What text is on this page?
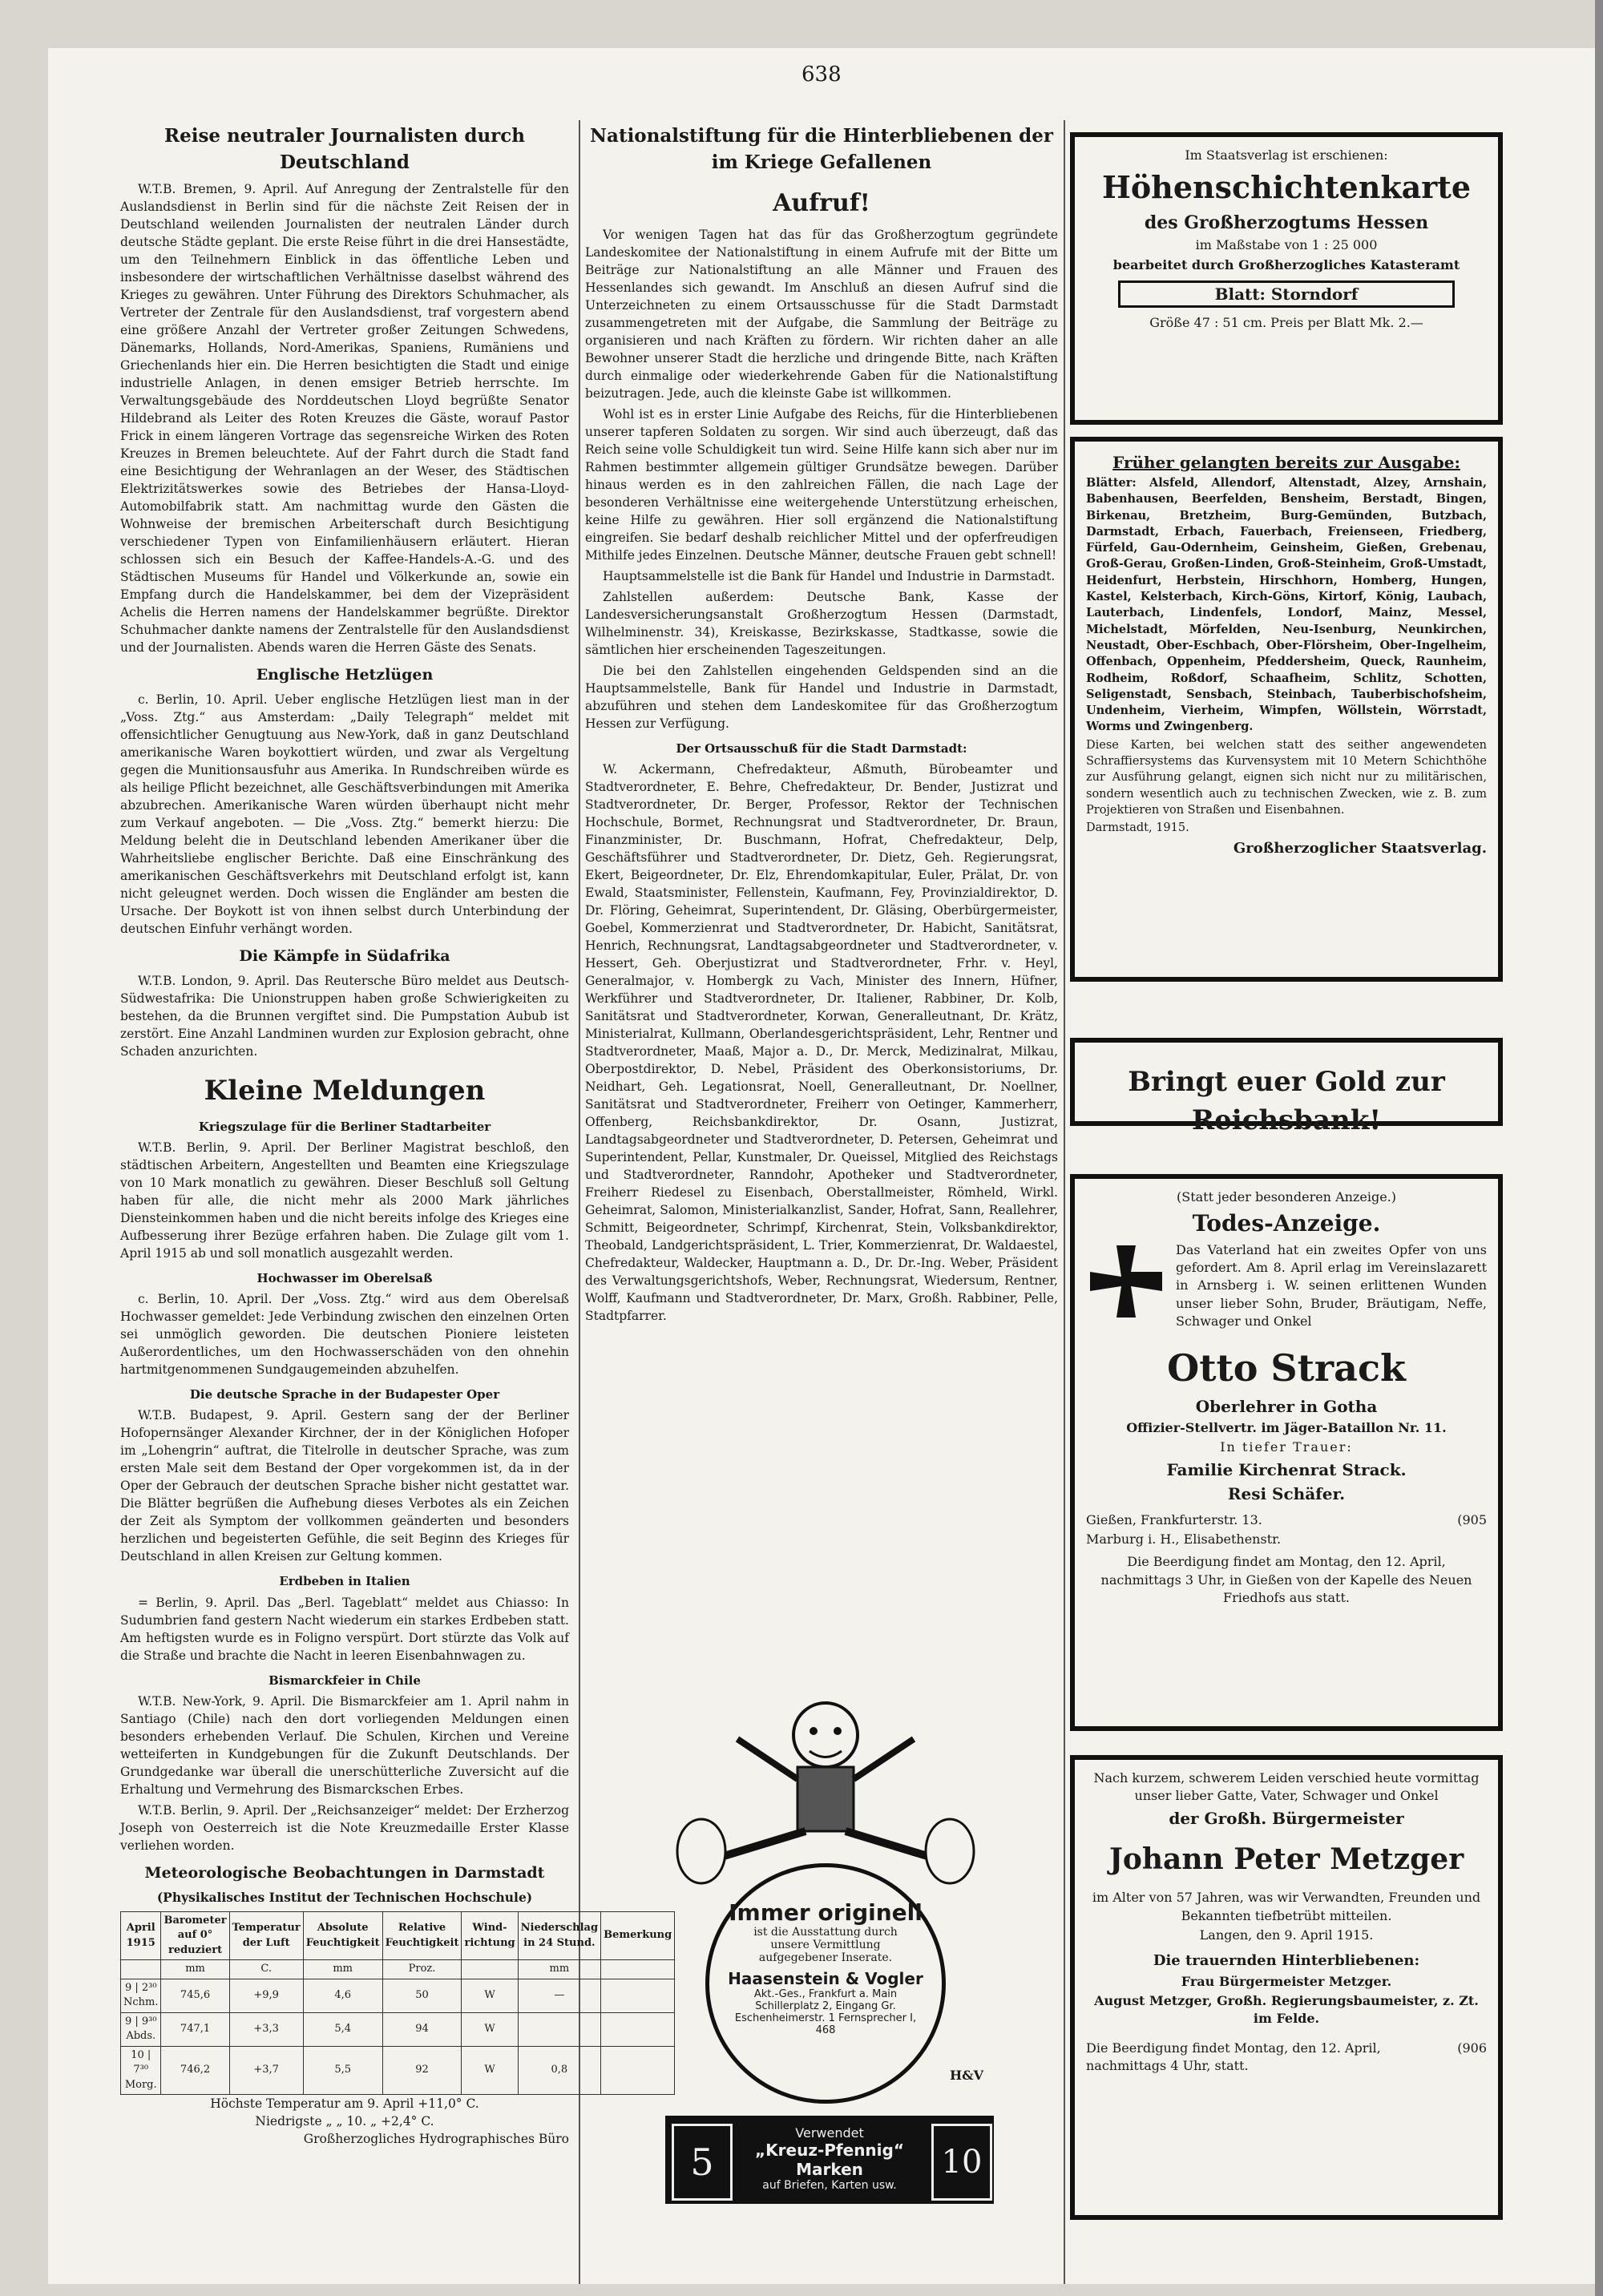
638
Reise neutraler Journalisten durch Deutschland

W.T.B. Bremen, 9. April. Auf Anregung der Zentralstelle für den Auslandsdienst in Berlin sind für die nächste Zeit Reisen der in Deutschland weilenden Journalisten der neutralen Länder durch deutsche Städte geplant. Die erste Reise führt in die drei Hansestädte, um den Teilnehmern Einblick in das öffentliche Leben und insbesondere der wirtschaftlichen Verhältnisse daselbst während des Krieges zu gewähren. Unter Führung des Direktors Schuhmacher, als Vertreter der Zentrale für den Auslandsdienst, traf vorgestern abend eine größere Anzahl der Vertreter großer Zeitungen Schwedens, Dänemarks, Hollands, Nord-Amerikas, Spaniens, Rumäniens und Griechenlands hier ein. Die Herren besichtigten die Stadt und einige industrielle Anlagen, in denen emsiger Betrieb herrschte. Im Verwaltungsgebäude des Norddeutschen Lloyd begrüßte Senator Hildebrand als Leiter des Roten Kreuzes die Gäste, worauf Pastor Frick in einem längeren Vortrage das segensreiche Wirken des Roten Kreuzes in Bremen beleuchtete. Auf der Fahrt durch die Stadt fand eine Besichtigung der Wehranlagen an der Weser, des Städtischen Elektrizitätswerkes sowie des Betriebes der Hansa-Lloyd-Automobilfabrik statt. Am nachmittag wurde den Gästen die Wohnweise der bremischen Arbeiterschaft durch Besichtigung verschiedener Typen von Einfamilienhäusern erläutert. Hieran schlossen sich ein Besuch der Kaffee-Handels-A.-G. und des Städtischen Museums für Handel und Völkerkunde an, sowie ein Empfang durch die Handelskammer, bei dem der Vizepräsident Achelis die Herren namens der Handelskammer begrüßte. Direktor Schuhmacher dankte namens der Zentralstelle für den Auslandsdienst und der Journalisten. Abends waren die Herren Gäste des Senats.

Englische Hetzlügen

c. Berlin, 10. April. Ueber englische Hetzlügen liest man in der „Voss. Ztg.“ aus Amsterdam: „Daily Telegraph“ meldet mit offensichtlicher Genugtuung aus New-York, daß in ganz Deutschland amerikanische Waren boykottiert würden, und zwar als Vergeltung gegen die Munitionsausfuhr aus Amerika. In Rundschreiben würde es als heilige Pflicht bezeichnet, alle Geschäftsverbindungen mit Amerika abzubrechen. Amerikanische Waren würden überhaupt nicht mehr zum Verkauf angeboten. — Die „Voss. Ztg.“ bemerkt hierzu: Die Meldung beleht die in Deutschland lebenden Amerikaner über die Wahrheitsliebe englischer Berichte. Daß eine Einschränkung des amerikanischen Geschäftsverkehrs mit Deutschland erfolgt ist, kann nicht geleugnet werden. Doch wissen die Engländer am besten die Ursache. Der Boykott ist von ihnen selbst durch Unterbindung der deutschen Einfuhr verhängt worden.

Die Kämpfe in Südafrika

W.T.B. London, 9. April. Das Reutersche Büro meldet aus Deutsch-Südwestafrika: Die Unionstruppen haben große Schwierigkeiten zu bestehen, da die Brunnen vergiftet sind. Die Pumpstation Aubub ist zerstört. Eine Anzahl Landminen wurden zur Explosion gebracht, ohne Schaden anzurichten.

Kleine Meldungen
Kriegszulage für die Berliner Stadtarbeiter

W.T.B. Berlin, 9. April. Der Berliner Magistrat beschloß, den städtischen Arbeitern, Angestellten und Beamten eine Kriegszulage von 10 Mark monatlich zu gewähren. Dieser Beschluß soll Geltung haben für alle, die nicht mehr als 2000 Mark jährliches Diensteinkommen haben und die nicht bereits infolge des Krieges eine Aufbesserung ihrer Bezüge erfahren haben. Die Zulage gilt vom 1. April 1915 ab und soll monatlich ausgezahlt werden.

Hochwasser im Oberelsaß

c. Berlin, 10. April. Der „Voss. Ztg.“ wird aus dem Oberelsaß Hochwasser gemeldet: Jede Verbindung zwischen den einzelnen Orten sei unmöglich geworden. Die deutschen Pioniere leisteten Außerordentliches, um den Hochwasserschäden von den ohnehin hartmitgenommenen Sundgaugemeinden abzuhelfen.

Die deutsche Sprache in der Budapester Oper

W.T.B. Budapest, 9. April. Gestern sang der der Berliner Hofopernsänger Alexander Kirchner, der in der Königlichen Hofoper im „Lohengrin“ auftrat, die Titelrolle in deutscher Sprache, was zum ersten Male seit dem Bestand der Oper vorgekommen ist, da in der Oper der Gebrauch der deutschen Sprache bisher nicht gestattet war. Die Blätter begrüßen die Aufhebung dieses Verbotes als ein Zeichen der Zeit als Symptom der vollkommen geänderten und besonders herzlichen und begeisterten Gefühle, die seit Beginn des Krieges für Deutschland in allen Kreisen zur Geltung kommen.

Erdbeben in Italien

= Berlin, 9. April. Das „Berl. Tageblatt“ meldet aus Chiasso: In Sudumbrien fand gestern Nacht wiederum ein starkes Erdbeben statt. Am heftigsten wurde es in Foligno verspürt. Dort stürzte das Volk auf die Straße und brachte die Nacht in leeren Eisenbahnwagen zu.

Bismarckfeier in Chile

W.T.B. New-York, 9. April. Die Bismarckfeier am 1. April nahm in Santiago (Chile) nach den dort vorliegenden Meldungen einen besonders erhebenden Verlauf. Die Schulen, Kirchen und Vereine wetteiferten in Kundgebungen für die Zukunft Deutschlands. Der Grundgedanke war überall die unerschütterliche Zuversicht auf die Erhaltung und Vermehrung des Bismarckschen Erbes.

W.T.B. Berlin, 9. April. Der „Reichsanzeiger“ meldet: Der Erzherzog Joseph von Oesterreich ist die Note Kreuzmedaille Erster Klasse verliehen worden.

Meteorologische Beobachtungen in Darmstadt
(Physikalisches Institut der Technischen Hochschule)
April 1915	Barometer auf 0° reduziert	Temperatur der Luft	Absolute Feuchtigkeit	Relative Feuchtigkeit	Wind-richtung	Niederschlag in 24 Stund.	Bemerkung
	mm	C.	mm	Proz.		mm	
9 | 2³⁰ Nchm.	745,6	+9,9	4,6	50	W	—	
9 | 9³⁰ Abds.	747,1	+3,3	5,4	94	W		
10 | 7³⁰ Morg.	746,2	+3,7	5,5	92	W	0,8	
Höchste Temperatur am 9. April +11,0° C.
Niedrigste „ „ 10. „ +2,4° C.
Großherzogliches Hydrographisches Büro
Nationalstiftung für die Hinterbliebenen der im Kriege Gefallenen
Aufruf!

Vor wenigen Tagen hat das für das Großherzogtum gegründete Landeskomitee der Nationalstiftung in einem Aufrufe mit der Bitte um Beiträge zur Nationalstiftung an alle Männer und Frauen des Hessenlandes sich gewandt. Im Anschluß an diesen Aufruf sind die Unterzeichneten zu einem Ortsausschusse für die Stadt Darmstadt zusammengetreten mit der Aufgabe, die Sammlung der Beiträge zu organisieren und nach Kräften zu fördern. Wir richten daher an alle Bewohner unserer Stadt die herzliche und dringende Bitte, nach Kräften durch einmalige oder wiederkehrende Gaben für die Nationalstiftung beizutragen. Jede, auch die kleinste Gabe ist willkommen.

Wohl ist es in erster Linie Aufgabe des Reichs, für die Hinterbliebenen unserer tapferen Soldaten zu sorgen. Wir sind auch überzeugt, daß das Reich seine volle Schuldigkeit tun wird. Seine Hilfe kann sich aber nur im Rahmen bestimmter allgemein gültiger Grundsätze bewegen. Darüber hinaus werden es in den zahlreichen Fällen, die nach Lage der besonderen Verhältnisse eine weitergehende Unterstützung erheischen, keine Hilfe zu gewähren. Hier soll ergänzend die Nationalstiftung eingreifen. Sie bedarf deshalb reichlicher Mittel und der opferfreudigen Mithilfe jedes Einzelnen. Deutsche Männer, deutsche Frauen gebt schnell!

Hauptsammelstelle ist die Bank für Handel und Industrie in Darmstadt.

Zahlstellen außerdem: Deutsche Bank, Kasse der Landesversicherungsanstalt Großherzogtum Hessen (Darmstadt, Wilhelminenstr. 34), Kreiskasse, Bezirkskasse, Stadtkasse, sowie die sämtlichen hier erscheinenden Tageszeitungen.

Die bei den Zahlstellen eingehenden Geldspenden sind an die Hauptsammelstelle, Bank für Handel und Industrie in Darmstadt, abzuführen und stehen dem Landeskomitee für das Großherzogtum Hessen zur Verfügung.

Der Ortsausschuß für die Stadt Darmstadt:

W. Ackermann, Chefredakteur, Aßmuth, Bürobeamter und Stadtverordneter, E. Behre, Chefredakteur, Dr. Bender, Justizrat und Stadtverordneter, Dr. Berger, Professor, Rektor der Technischen Hochschule, Bormet, Rechnungsrat und Stadtverordneter, Dr. Braun, Finanzminister, Dr. Buschmann, Hofrat, Chefredakteur, Delp, Geschäftsführer und Stadtverordneter, Dr. Dietz, Geh. Regierungsrat, Ekert, Beigeordneter, Dr. Elz, Ehrendomkapitular, Euler, Prälat, Dr. von Ewald, Staatsminister, Fellenstein, Kaufmann, Fey, Provinzialdirektor, D. Dr. Flöring, Geheimrat, Superintendent, Dr. Gläsing, Oberbürgermeister, Goebel, Kommerzienrat und Stadtverordneter, Dr. Habicht, Sanitätsrat, Henrich, Rechnungsrat, Landtagsabgeordneter und Stadtverordneter, v. Hessert, Geh. Oberjustizrat und Stadtverordneter, Frhr. v. Heyl, Generalmajor, v. Hombergk zu Vach, Minister des Innern, Hüfner, Werkführer und Stadtverordneter, Dr. Italiener, Rabbiner, Dr. Kolb, Sanitätsrat und Stadtverordneter, Korwan, Generalleutnant, Dr. Krätz, Ministerialrat, Kullmann, Oberlandesgerichtspräsident, Lehr, Rentner und Stadtverordneter, Maaß, Major a. D., Dr. Merck, Medizinalrat, Milkau, Oberpostdirektor, D. Nebel, Präsident des Oberkonsistoriums, Dr. Neidhart, Geh. Legationsrat, Noell, Generalleutnant, Dr. Noellner, Sanitätsrat und Stadtverordneter, Freiherr von Oetinger, Kammerherr, Offenberg, Reichsbankdirektor, Dr. Osann, Justizrat, Landtagsabgeordneter und Stadtverordneter, D. Petersen, Geheimrat und Superintendent, Pellar, Kunstmaler, Dr. Queissel, Mitglied des Reichstags und Stadtverordneter, Ranndohr, Apotheker und Stadtverordneter, Freiherr Riedesel zu Eisenbach, Oberstallmeister, Römheld, Wirkl. Geheimrat, Salomon, Ministerialkanzlist, Sander, Hofrat, Sann, Reallehrer, Schmitt, Beigeordneter, Schrimpf, Kirchenrat, Stein, Volksbankdirektor, Theobald, Landgerichtspräsident, L. Trier, Kommerzienrat, Dr. Waldaestel, Chefredakteur, Waldecker, Hauptmann a. D., Dr. Dr.-Ing. Weber, Präsident des Verwaltungsgerichtshofs, Weber, Rechnungsrat, Wiedersum, Rentner, Wolff, Kaufmann und Stadtverordneter, Dr. Marx, Großh. Rabbiner, Pelle, Stadtpfarrer.

Immer originell
ist die Ausstattung durch unsere Vermittlung aufgegebener Inserate.
Haasenstein & Vogler
Akt.-Ges., Frankfurt a. Main Schillerplatz 2, Eingang Gr. Eschenheimerstr. 1 Fernsprecher I, 468
H&V
5	10
Verwendet
„Kreuz-Pfennig“ Marken
auf Briefen, Karten usw.

Im Staatsverlag ist erschienen:

Höhenschichtenkarte

des Großherzogtums Hessen

im Maßstabe von 1 : 25 000

bearbeitet durch Großherzogliches Katasteramt

Blatt: Storndorf

Größe 47 : 51 cm. Preis per Blatt Mk. 2.—

Früher gelangten bereits zur Ausgabe:

Blätter: Alsfeld, Allendorf, Altenstadt, Alzey, Arnshain, Babenhausen, Beerfelden, Bensheim, Berstadt, Bingen, Birkenau, Bretzheim, Burg-Gemünden, Butzbach, Darmstadt, Erbach, Fauerbach, Freienseen, Friedberg, Fürfeld, Gau-Odernheim, Geinsheim, Gießen, Grebenau, Groß-Gerau, Großen-Linden, Groß-Steinheim, Groß-Umstadt, Heidenfurt, Herbstein, Hirschhorn, Homberg, Hungen, Kastel, Kelsterbach, Kirch-Göns, Kirtorf, König, Laubach, Lauterbach, Lindenfels, Londorf, Mainz, Messel, Michelstadt, Mörfelden, Neu-Isenburg, Neunkirchen, Neustadt, Ober-Eschbach, Ober-Flörsheim, Ober-Ingelheim, Offenbach, Oppenheim, Pfeddersheim, Queck, Raunheim, Rodheim, Roßdorf, Schaafheim, Schlitz, Schotten, Seligenstadt, Sensbach, Steinbach, Tauberbischofsheim, Undenheim, Vierheim, Wimpfen, Wöllstein, Wörrstadt, Worms und Zwingenberg.

Diese Karten, bei welchen statt des seither angewendeten Schraffiersystems das Kurvensystem mit 10 Metern Schichthöhe zur Ausführung gelangt, eignen sich nicht nur zu militärischen, sondern wesentlich auch zu technischen Zwecken, wie z. B. zum Projektieren von Straßen und Eisenbahnen.

Darmstadt, 1915.

Großherzoglicher Staatsverlag.

Bringt euer Gold zur Reichsbank!

(Statt jeder besonderen Anzeige.)

Todes-Anzeige.

Das Vaterland hat ein zweites Opfer von uns gefordert. Am 8. April erlag im Vereinslazarett in Arnsberg i. W. seinen erlittenen Wunden unser lieber Sohn, Bruder, Bräutigam, Neffe, Schwager und Onkel

Otto Strack

Oberlehrer in Gotha

Offizier-Stellvertr. im Jäger-Bataillon Nr. 11.

In tiefer Trauer:

Familie Kirchenrat Strack.

Resi Schäfer.

Gießen, Frankfurterstr. 13.	(905

Marburg i. H., Elisabethenstr.

Die Beerdigung findet am Montag, den 12. April, nachmittags 3 Uhr, in Gießen von der Kapelle des Neuen Friedhofs aus statt.

Nach kurzem, schwerem Leiden verschied heute vormittag unser lieber Gatte, Vater, Schwager und Onkel

der Großh. Bürgermeister

Johann Peter Metzger

im Alter von 57 Jahren, was wir Verwandten, Freunden und Bekannten tiefbetrübt mitteilen.

Langen, den 9. April 1915.

Die trauernden Hinterbliebenen:

Frau Bürgermeister Metzger.

August Metzger, Großh. Regierungsbaumeister, z. Zt. im Felde.

Die Beerdigung findet Montag, den 12. April, nachmittags 4 Uhr, statt.
(906
